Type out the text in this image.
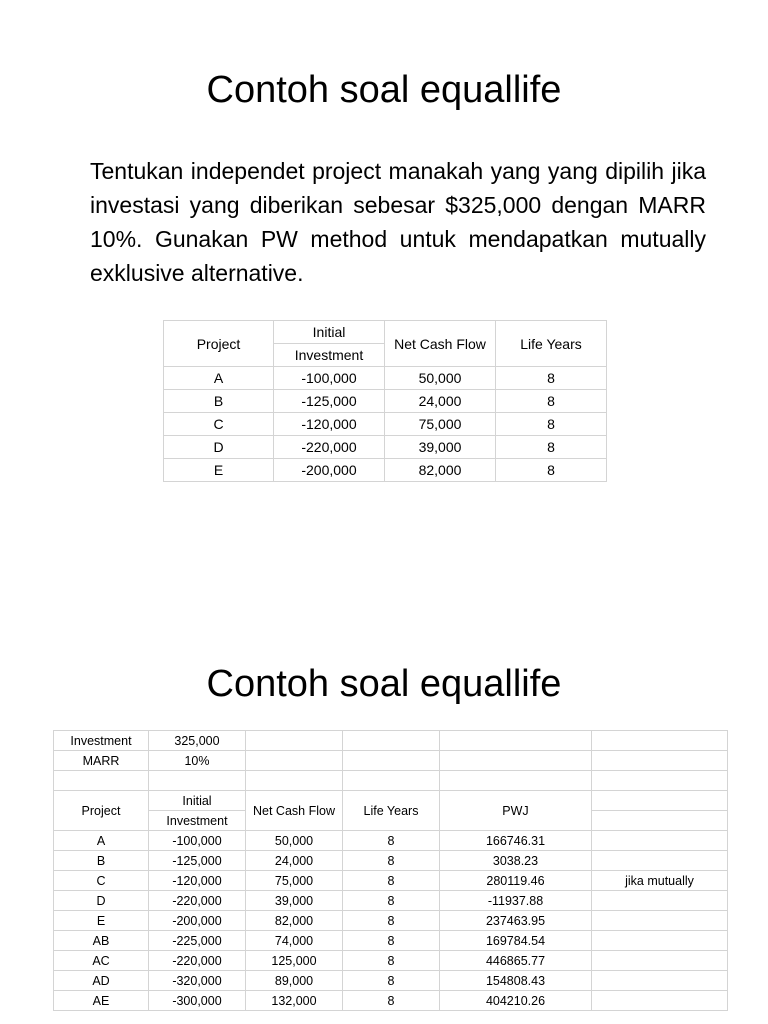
Contoh soal equallife
Tentukan independet project manakah yang yang dipilih jika investasi yang diberikan sebesar $325,000 dengan MARR 10%. Gunakan PW method untuk mendapatkan mutually exklusive alternative.
Project	Initial	Net Cash Flow	Life Years
	Investment		
A	-100,000	50,000	8
B	-125,000	24,000	8
C	-120,000	75,000	8
D	-220,000	39,000	8
E	-200,000	82,000	8
Contoh soal equallife
Investment	325,000				
MARR	10%				

Project	Initial	Net Cash Flow	Life Years	PWJ	
	Investment				
A	-100,000	50,000	8	166746.31	
B	-125,000	24,000	8	3038.23	
C	-120,000	75,000	8	280119.46	jika mutually
D	-220,000	39,000	8	-11937.88	
E	-200,000	82,000	8	237463.95	
AB	-225,000	74,000	8	169784.54	
AC	-220,000	125,000	8	446865.77	
AD	-320,000	89,000	8	154808.43	
AE	-300,000	132,000	8	404210.26	
